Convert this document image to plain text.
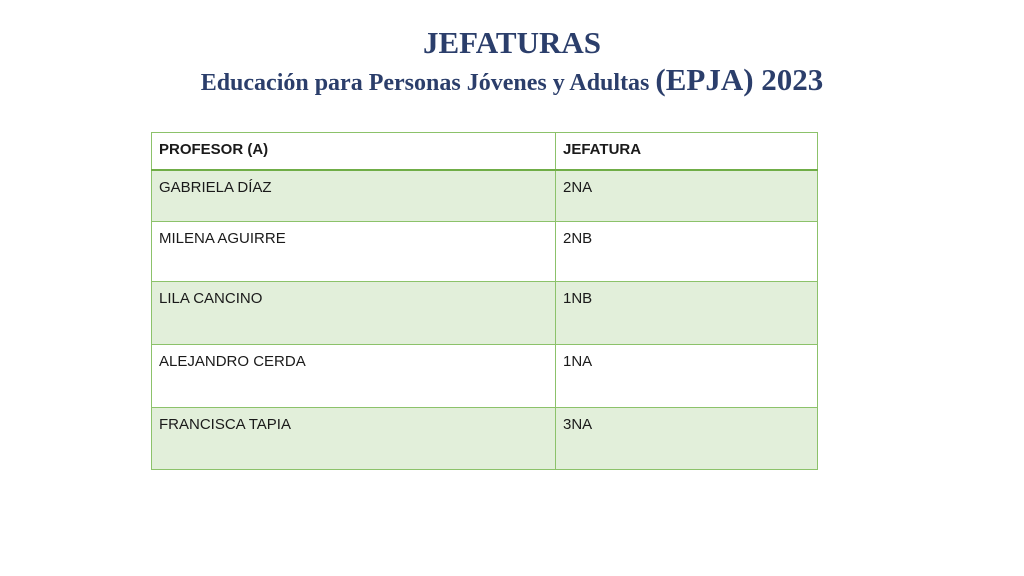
JEFATURAS
Educación para Personas Jóvenes y Adultas (EPJA) 2023
PROFESOR (A)	JEFATURA
GABRIELA DÍAZ	2NA
MILENA AGUIRRE	2NB
LILA CANCINO	1NB
ALEJANDRO CERDA	1NA
FRANCISCA TAPIA	3NA
